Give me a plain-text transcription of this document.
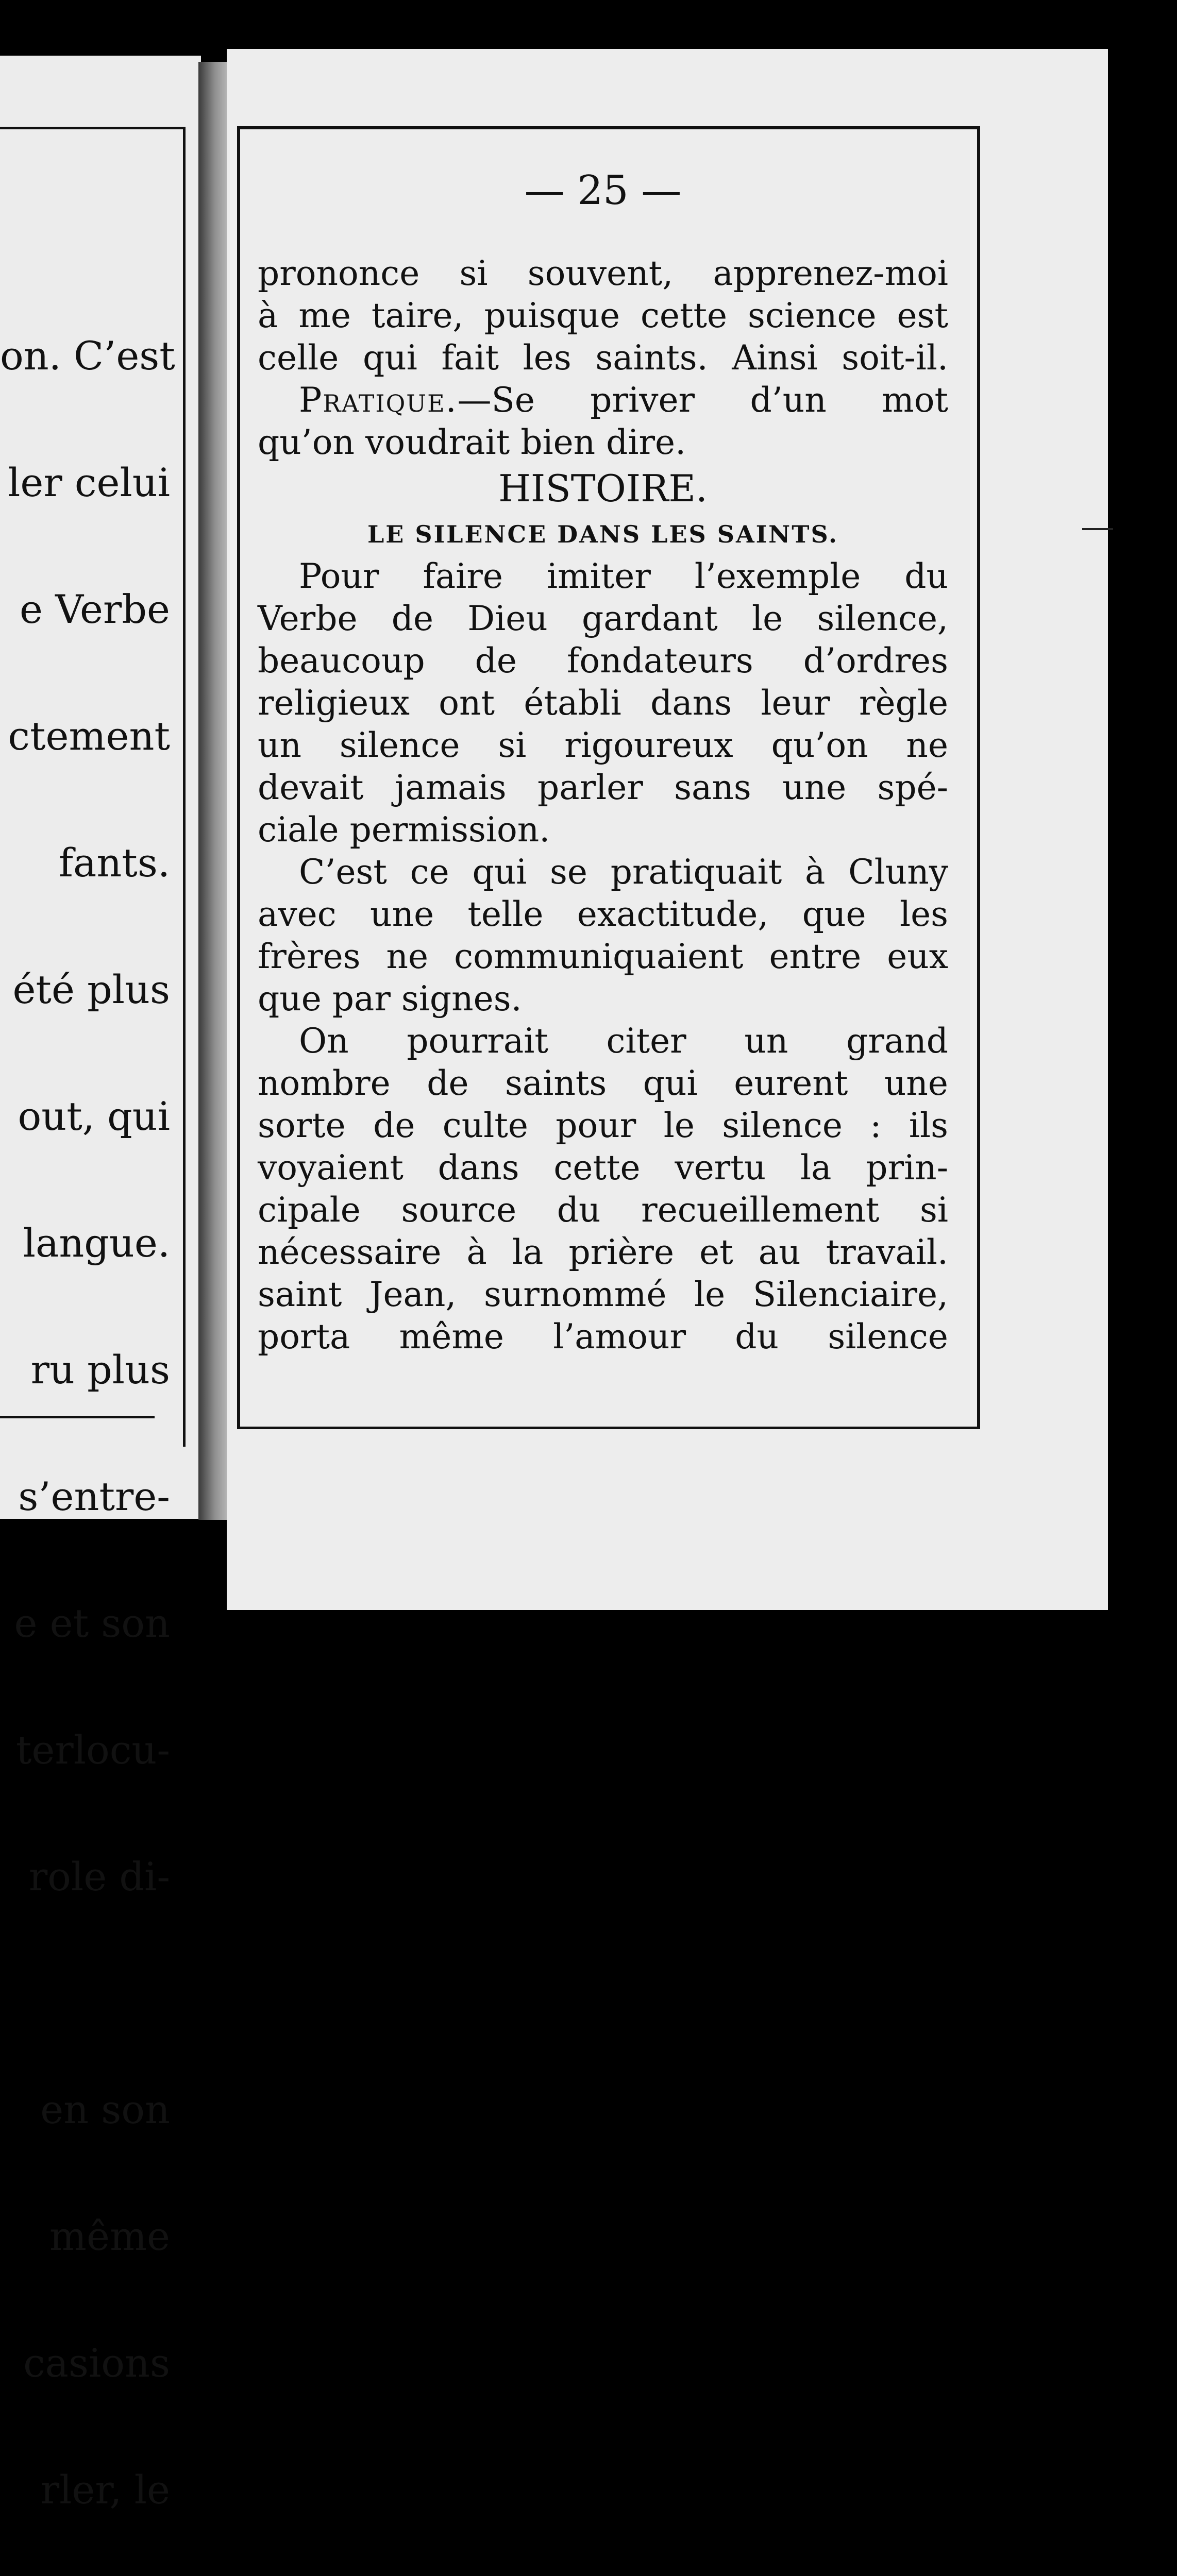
on. C’est

ler celui

e Verbe

ctement

fants.

été plus

out, qui

langue.

ru plus

s’entre-

e et son

terlocu-

role di-

en son

même

casions

rler, le

— 25 —
prononce si souvent, apprenez-moi
à me taire, puisque cette science est
celle qui fait les saints. Ainsi soit-il.
Pratique.—Se priver d’un mot
qu’on voudrait bien dire.
HISTOIRE.
LE SILENCE DANS LES SAINTS.
Pour faire imiter l’exemple du
Verbe de Dieu gardant le silence,
beaucoup de fondateurs d’ordres
religieux ont établi dans leur règle
un silence si rigoureux qu’on ne
devait jamais parler sans une spé-
ciale permission.
C’est ce qui se pratiquait à Cluny
avec une telle exactitude, que les
frères ne communiquaient entre eux
que par signes.
On pourrait citer un grand
nombre de saints qui eurent une
sorte de culte pour le silence : ils
voyaient dans cette vertu la prin-
cipale source du recueillement si
nécessaire à la prière et au travail.
saint Jean, surnommé le Silenciaire,
porta même l’amour du silence
